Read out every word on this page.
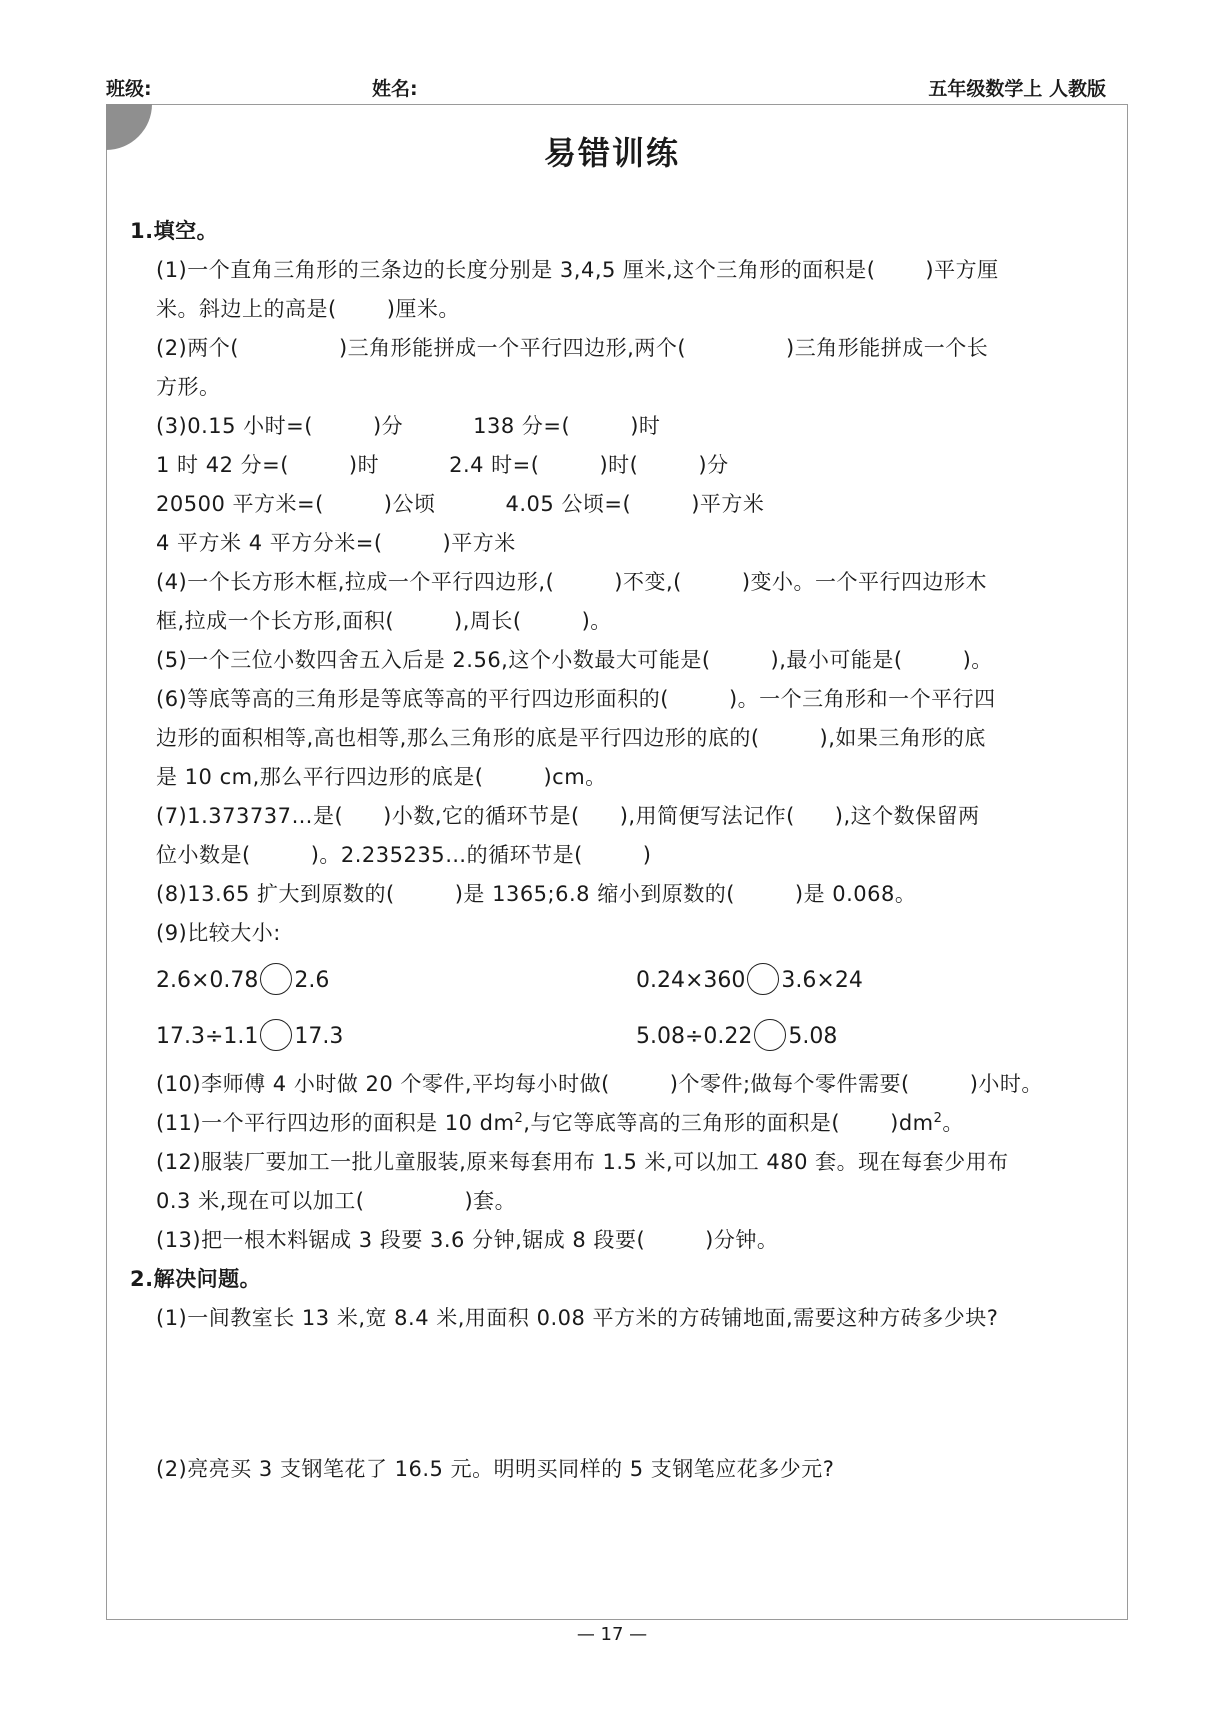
班级:	姓名:	五年级数学上 人教版
易错训练
1.填空。
(1)一个直角三角形的三条边的长度分别是 3,4,5 厘米,这个三角形的面积是( )平方厘
米。斜边上的高是( )厘米。
(2)两个(	)三角形能拼成一个平行四边形,两个(	)三角形能拼成一个长
方形。
(3)0.15 小时=(	)分	138 分=(	)时
1 时 42 分=(	)时	2.4 时=(	)时(	)分
20500 平方米=(	)公顷	4.05 公顷=(	)平方米
4 平方米 4 平方分米=(	)平方米
(4)一个长方形木框,拉成一个平行四边形,(	)不变,(	)变小。一个平行四边形木
框,拉成一个长方形,面积(	),周长(	)。
(5)一个三位小数四舍五入后是 2.56,这个小数最大可能是(	),最小可能是(	)。
(6)等底等高的三角形是等底等高的平行四边形面积的(	)。一个三角形和一个平行四
边形的面积相等,高也相等,那么三角形的底是平行四边形的底的(	),如果三角形的底
是 10 cm,那么平行四边形的底是(	)cm。
(7)1.373737…是( )小数,它的循环节是( ),用简便写法记作( ),这个数保留两
位小数是(	)。2.235235…的循环节是(	)
(8)13.65 扩大到原数的(	)是 1365;6.8 缩小到原数的(	)是 0.068。
(9)比较大小:
2.6×0.78 2.6	0.24×360 3.6×24
17.3÷1.1 17.3	5.08÷0.22 5.08
(10)李师傅 4 小时做 20 个零件,平均每小时做(	)个零件;做每个零件需要(	)小时。
(11)一个平行四边形的面积是 10 $dm^2$,与它等底等高的三角形的面积是( )$dm^2$。
(12)服装厂要加工一批儿童服装,原来每套用布 1.5 米,可以加工 480 套。现在每套少用布
0.3 米,现在可以加工(	)套。
(13)把一根木料锯成 3 段要 3.6 分钟,锯成 8 段要(	)分钟。
2.解决问题。
(1)一间教室长 13 米,宽 8.4 米,用面积 0.08 平方米的方砖铺地面,需要这种方砖多少块?
(2)亮亮买 3 支钢笔花了 16.5 元。明明买同样的 5 支钢笔应花多少元?
— 17 —
